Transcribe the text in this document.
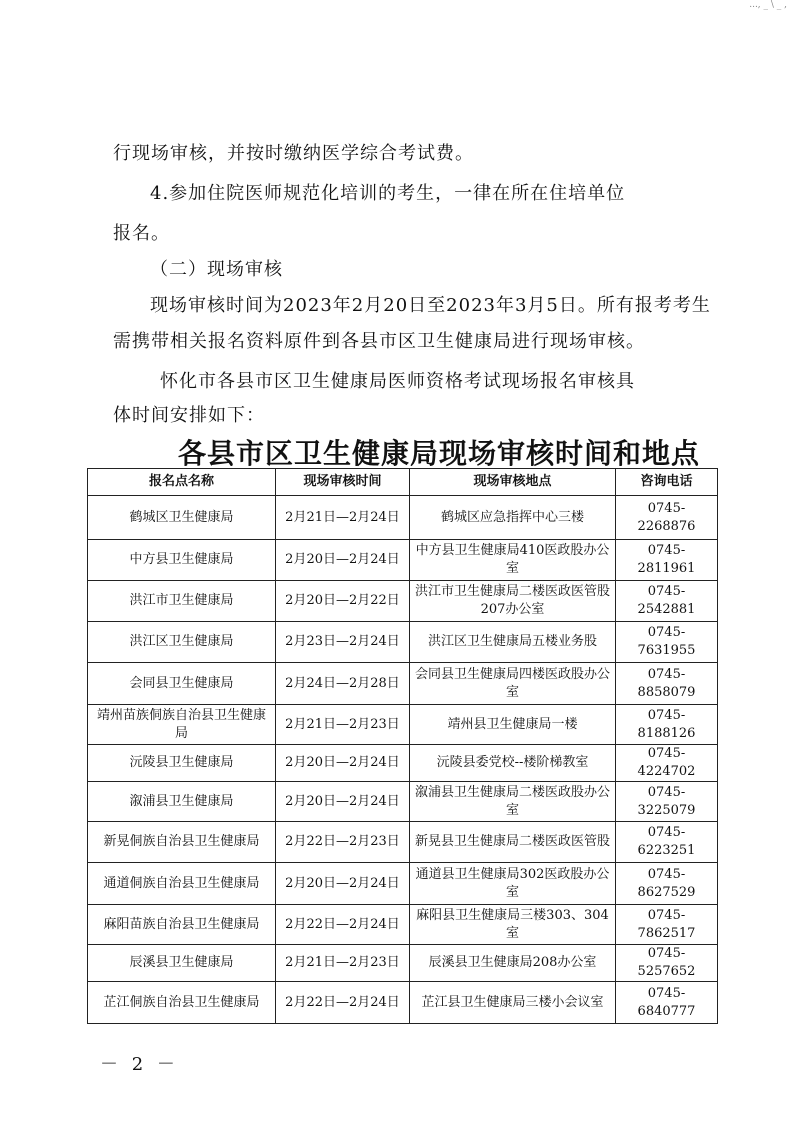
..., _ \ _ ,
行现场审核，并按时缴纳医学综合考试费。
4.参加住院医师规范化培训的考生，一律在所在住培单位
报名。
（二）现场审核
现场审核时间为2023年2月20日至2023年3月5日。所有报考考生
需携带相关报名资料原件到各县市区卫生健康局进行现场审核。
怀化市各县市区卫生健康局医师资格考试现场报名审核具
体时间安排如下：
各县市区卫生健康局现场审核时间和地点
报名点名称	现场审核时间	现场审核地点	咨询电话
鹤城区卫生健康局	2月21日—2月24日	鹤城区应急指挥中心三楼	0745-2268876
中方县卫生健康局	2月20日—2月24日	中方县卫生健康局410医政股办公室	0745-2811961
洪江市卫生健康局	2月20日—2月22日	洪江市卫生健康局二楼医政医管股207办公室	0745-2542881
洪江区卫生健康局	2月23日—2月24日	洪江区卫生健康局五楼业务股	0745-7631955
会同县卫生健康局	2月24日—2月28日	会同县卫生健康局四楼医政股办公室	0745-8858079
靖州苗族侗族自治县卫生健康局	2月21日—2月23日	靖州县卫生健康局一楼	0745-8188126
沅陵县卫生健康局	2月20日—2月24日	沅陵县委党校--楼阶梯教室	0745-4224702
溆浦县卫生健康局	2月20日—2月24日	溆浦县卫生健康局二楼医政股办公室	0745-3225079
新晃侗族自治县卫生健康局	2月22日—2月23日	新晃县卫生健康局二楼医政医管股	0745-6223251
通道侗族自治县卫生健康局	2月20日—2月24日	通道县卫生健康局302医政股办公室	0745-8627529
麻阳苗族自治县卫生健康局	2月22日—2月24日	麻阳县卫生健康局三楼303、304室	0745-7862517
辰溪县卫生健康局	2月21日—2月23日	辰溪县卫生健康局208办公室	0745-5257652
芷江侗族自治县卫生健康局	2月22日—2月24日	芷江县卫生健康局三楼小会议室	0745-6840777
－ 2 －
